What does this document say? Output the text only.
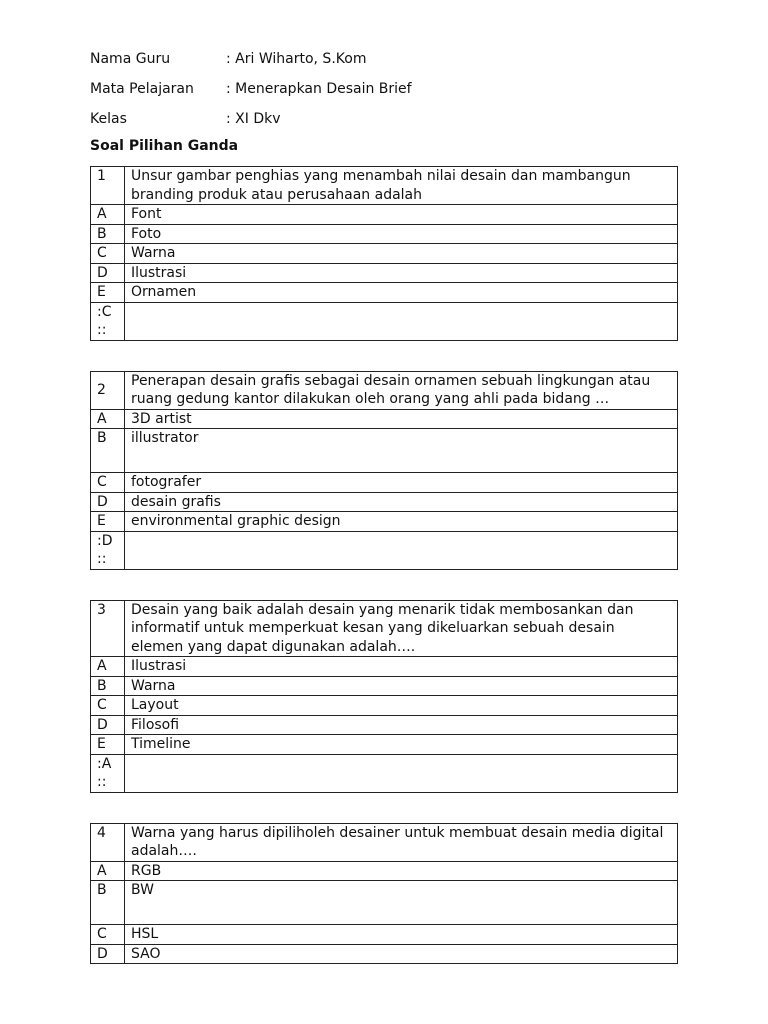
Nama Guru	: Ari Wiharto, S.Kom
Mata Pelajaran	: Menerapkan Desain Brief
Kelas	: XI Dkv
Soal Pilihan Ganda
1	Unsur gambar penghias yang menambah nilai desain dan mambangun branding produk atau perusahaan adalah
A	Font
B	Foto
C	Warna
D	Ilustrasi
E	Ornamen

:C
::	

2	Penerapan desain grafis sebagai desain ornamen sebuah lingkungan atau ruang gedung kantor dilakukan oleh orang yang ahli pada bidang …
A	3D artist
B	illustrator
C	fotografer
D	desain grafis
E	environmental graphic design

:D
::	

3	Desain yang baik adalah desain yang menarik tidak membosankan dan informatif untuk memperkuat kesan yang dikeluarkan sebuah desain elemen yang dapat digunakan adalah….
A	Ilustrasi
B	Warna
C	Layout
D	Filosofi
E	Timeline

:A
::	

4	Warna yang harus dipiliholeh desainer untuk membuat desain media digital adalah….
A	RGB
B	BW
C	HSL
D	SAO
